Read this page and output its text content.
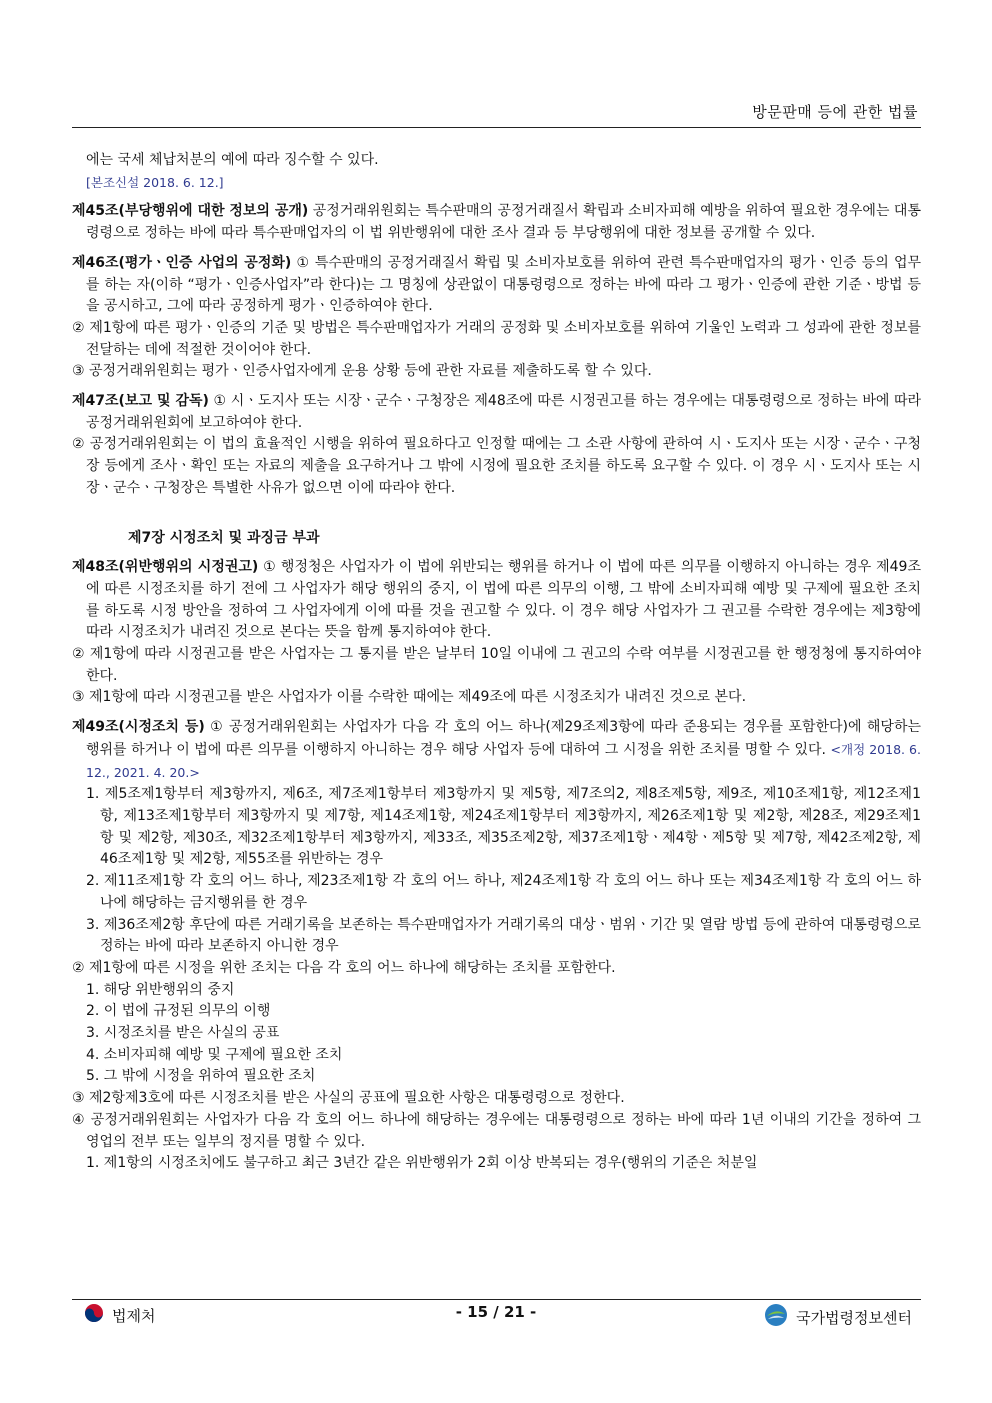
방문판매 등에 관한 법률

에는 국세 체납처분의 예에 따라 징수할 수 있다.

[본조신설 2018. 6. 12.]

제45조(부당행위에 대한 정보의 공개) 공정거래위원회는 특수판매의 공정거래질서 확립과 소비자피해 예방을 위하여 필요한 경우에는 대통령령으로 정하는 바에 따라 특수판매업자의 이 법 위반행위에 대한 조사 결과 등 부당행위에 대한 정보를 공개할 수 있다.

제46조(평가ㆍ인증 사업의 공정화) ① 특수판매의 공정거래질서 확립 및 소비자보호를 위하여 관련 특수판매업자의 평가ㆍ인증 등의 업무를 하는 자(이하 “평가ㆍ인증사업자”라 한다)는 그 명칭에 상관없이 대통령령으로 정하는 바에 따라 그 평가ㆍ인증에 관한 기준ㆍ방법 등을 공시하고, 그에 따라 공정하게 평가ㆍ인증하여야 한다.

② 제1항에 따른 평가ㆍ인증의 기준 및 방법은 특수판매업자가 거래의 공정화 및 소비자보호를 위하여 기울인 노력과 그 성과에 관한 정보를 전달하는 데에 적절한 것이어야 한다.

③ 공정거래위원회는 평가ㆍ인증사업자에게 운용 상황 등에 관한 자료를 제출하도록 할 수 있다.

제47조(보고 및 감독) ① 시ㆍ도지사 또는 시장ㆍ군수ㆍ구청장은 제48조에 따른 시정권고를 하는 경우에는 대통령령으로 정하는 바에 따라 공정거래위원회에 보고하여야 한다.

② 공정거래위원회는 이 법의 효율적인 시행을 위하여 필요하다고 인정할 때에는 그 소관 사항에 관하여 시ㆍ도지사 또는 시장ㆍ군수ㆍ구청장 등에게 조사ㆍ확인 또는 자료의 제출을 요구하거나 그 밖에 시정에 필요한 조치를 하도록 요구할 수 있다. 이 경우 시ㆍ도지사 또는 시장ㆍ군수ㆍ구청장은 특별한 사유가 없으면 이에 따라야 한다.

제7장 시정조치 및 과징금 부과

제48조(위반행위의 시정권고) ① 행정청은 사업자가 이 법에 위반되는 행위를 하거나 이 법에 따른 의무를 이행하지 아니하는 경우 제49조에 따른 시정조치를 하기 전에 그 사업자가 해당 행위의 중지, 이 법에 따른 의무의 이행, 그 밖에 소비자피해 예방 및 구제에 필요한 조치를 하도록 시정 방안을 정하여 그 사업자에게 이에 따를 것을 권고할 수 있다. 이 경우 해당 사업자가 그 권고를 수락한 경우에는 제3항에 따라 시정조치가 내려진 것으로 본다는 뜻을 함께 통지하여야 한다.

② 제1항에 따라 시정권고를 받은 사업자는 그 통지를 받은 날부터 10일 이내에 그 권고의 수락 여부를 시정권고를 한 행정청에 통지하여야 한다.

③ 제1항에 따라 시정권고를 받은 사업자가 이를 수락한 때에는 제49조에 따른 시정조치가 내려진 것으로 본다.

제49조(시정조치 등) ① 공정거래위원회는 사업자가 다음 각 호의 어느 하나(제29조제3항에 따라 준용되는 경우를 포함한다)에 해당하는 행위를 하거나 이 법에 따른 의무를 이행하지 아니하는 경우 해당 사업자 등에 대하여 그 시정을 위한 조치를 명할 수 있다. <개정 2018. 6. 12., 2021. 4. 20.>

1. 제5조제1항부터 제3항까지, 제6조, 제7조제1항부터 제3항까지 및 제5항, 제7조의2, 제8조제5항, 제9조, 제10조제1항, 제12조제1항, 제13조제1항부터 제3항까지 및 제7항, 제14조제1항, 제24조제1항부터 제3항까지, 제26조제1항 및 제2항, 제28조, 제29조제1항 및 제2항, 제30조, 제32조제1항부터 제3항까지, 제33조, 제35조제2항, 제37조제1항ㆍ제4항ㆍ제5항 및 제7항, 제42조제2항, 제46조제1항 및 제2항, 제55조를 위반하는 경우

2. 제11조제1항 각 호의 어느 하나, 제23조제1항 각 호의 어느 하나, 제24조제1항 각 호의 어느 하나 또는 제34조제1항 각 호의 어느 하나에 해당하는 금지행위를 한 경우

3. 제36조제2항 후단에 따른 거래기록을 보존하는 특수판매업자가 거래기록의 대상ㆍ범위ㆍ기간 및 열람 방법 등에 관하여 대통령령으로 정하는 바에 따라 보존하지 아니한 경우

② 제1항에 따른 시정을 위한 조치는 다음 각 호의 어느 하나에 해당하는 조치를 포함한다.

1. 해당 위반행위의 중지

2. 이 법에 규정된 의무의 이행

3. 시정조치를 받은 사실의 공표

4. 소비자피해 예방 및 구제에 필요한 조치

5. 그 밖에 시정을 위하여 필요한 조치

③ 제2항제3호에 따른 시정조치를 받은 사실의 공표에 필요한 사항은 대통령령으로 정한다.

④ 공정거래위원회는 사업자가 다음 각 호의 어느 하나에 해당하는 경우에는 대통령령으로 정하는 바에 따라 1년 이내의 기간을 정하여 그 영업의 전부 또는 일부의 정지를 명할 수 있다.

1. 제1항의 시정조치에도 불구하고 최근 3년간 같은 위반행위가 2회 이상 반복되는 경우(행위의 기준은 처분일

법제처	- 15 / 21 -	국가법령정보센터
